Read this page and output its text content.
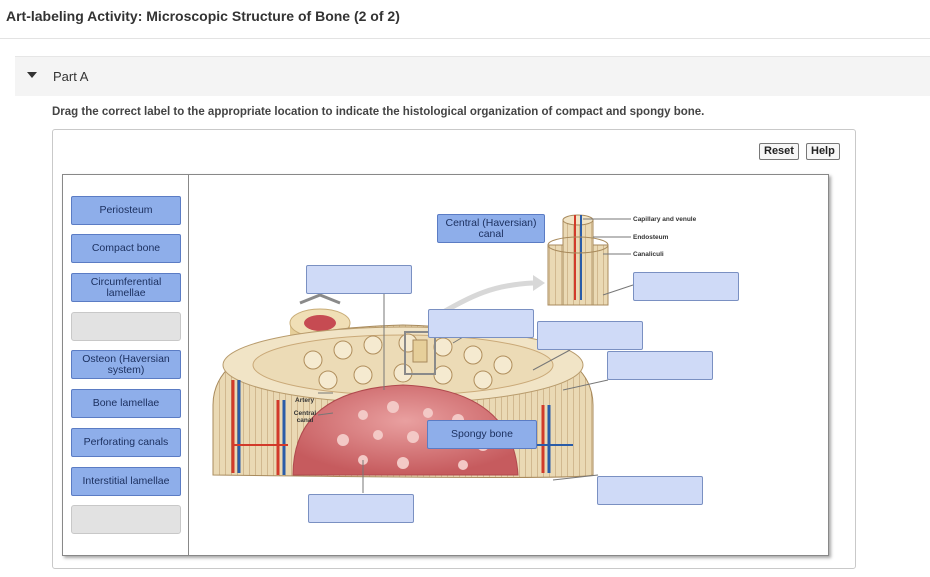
Art-labeling Activity: Microscopic Structure of Bone (2 of 2)
Part A
Drag the correct label to the appropriate location to indicate the histological organization of compact and spongy bone.
Reset	Help
Periosteum
Compact bone
Circumferential lamellae
Osteon (Haversian system)
Bone lamellae
Perforating canals
Interstitial lamellae
Capillary and venule
Endosteum
Canaliculi
Artery
Central canal
Central (Haversian) canal
Spongy bone
